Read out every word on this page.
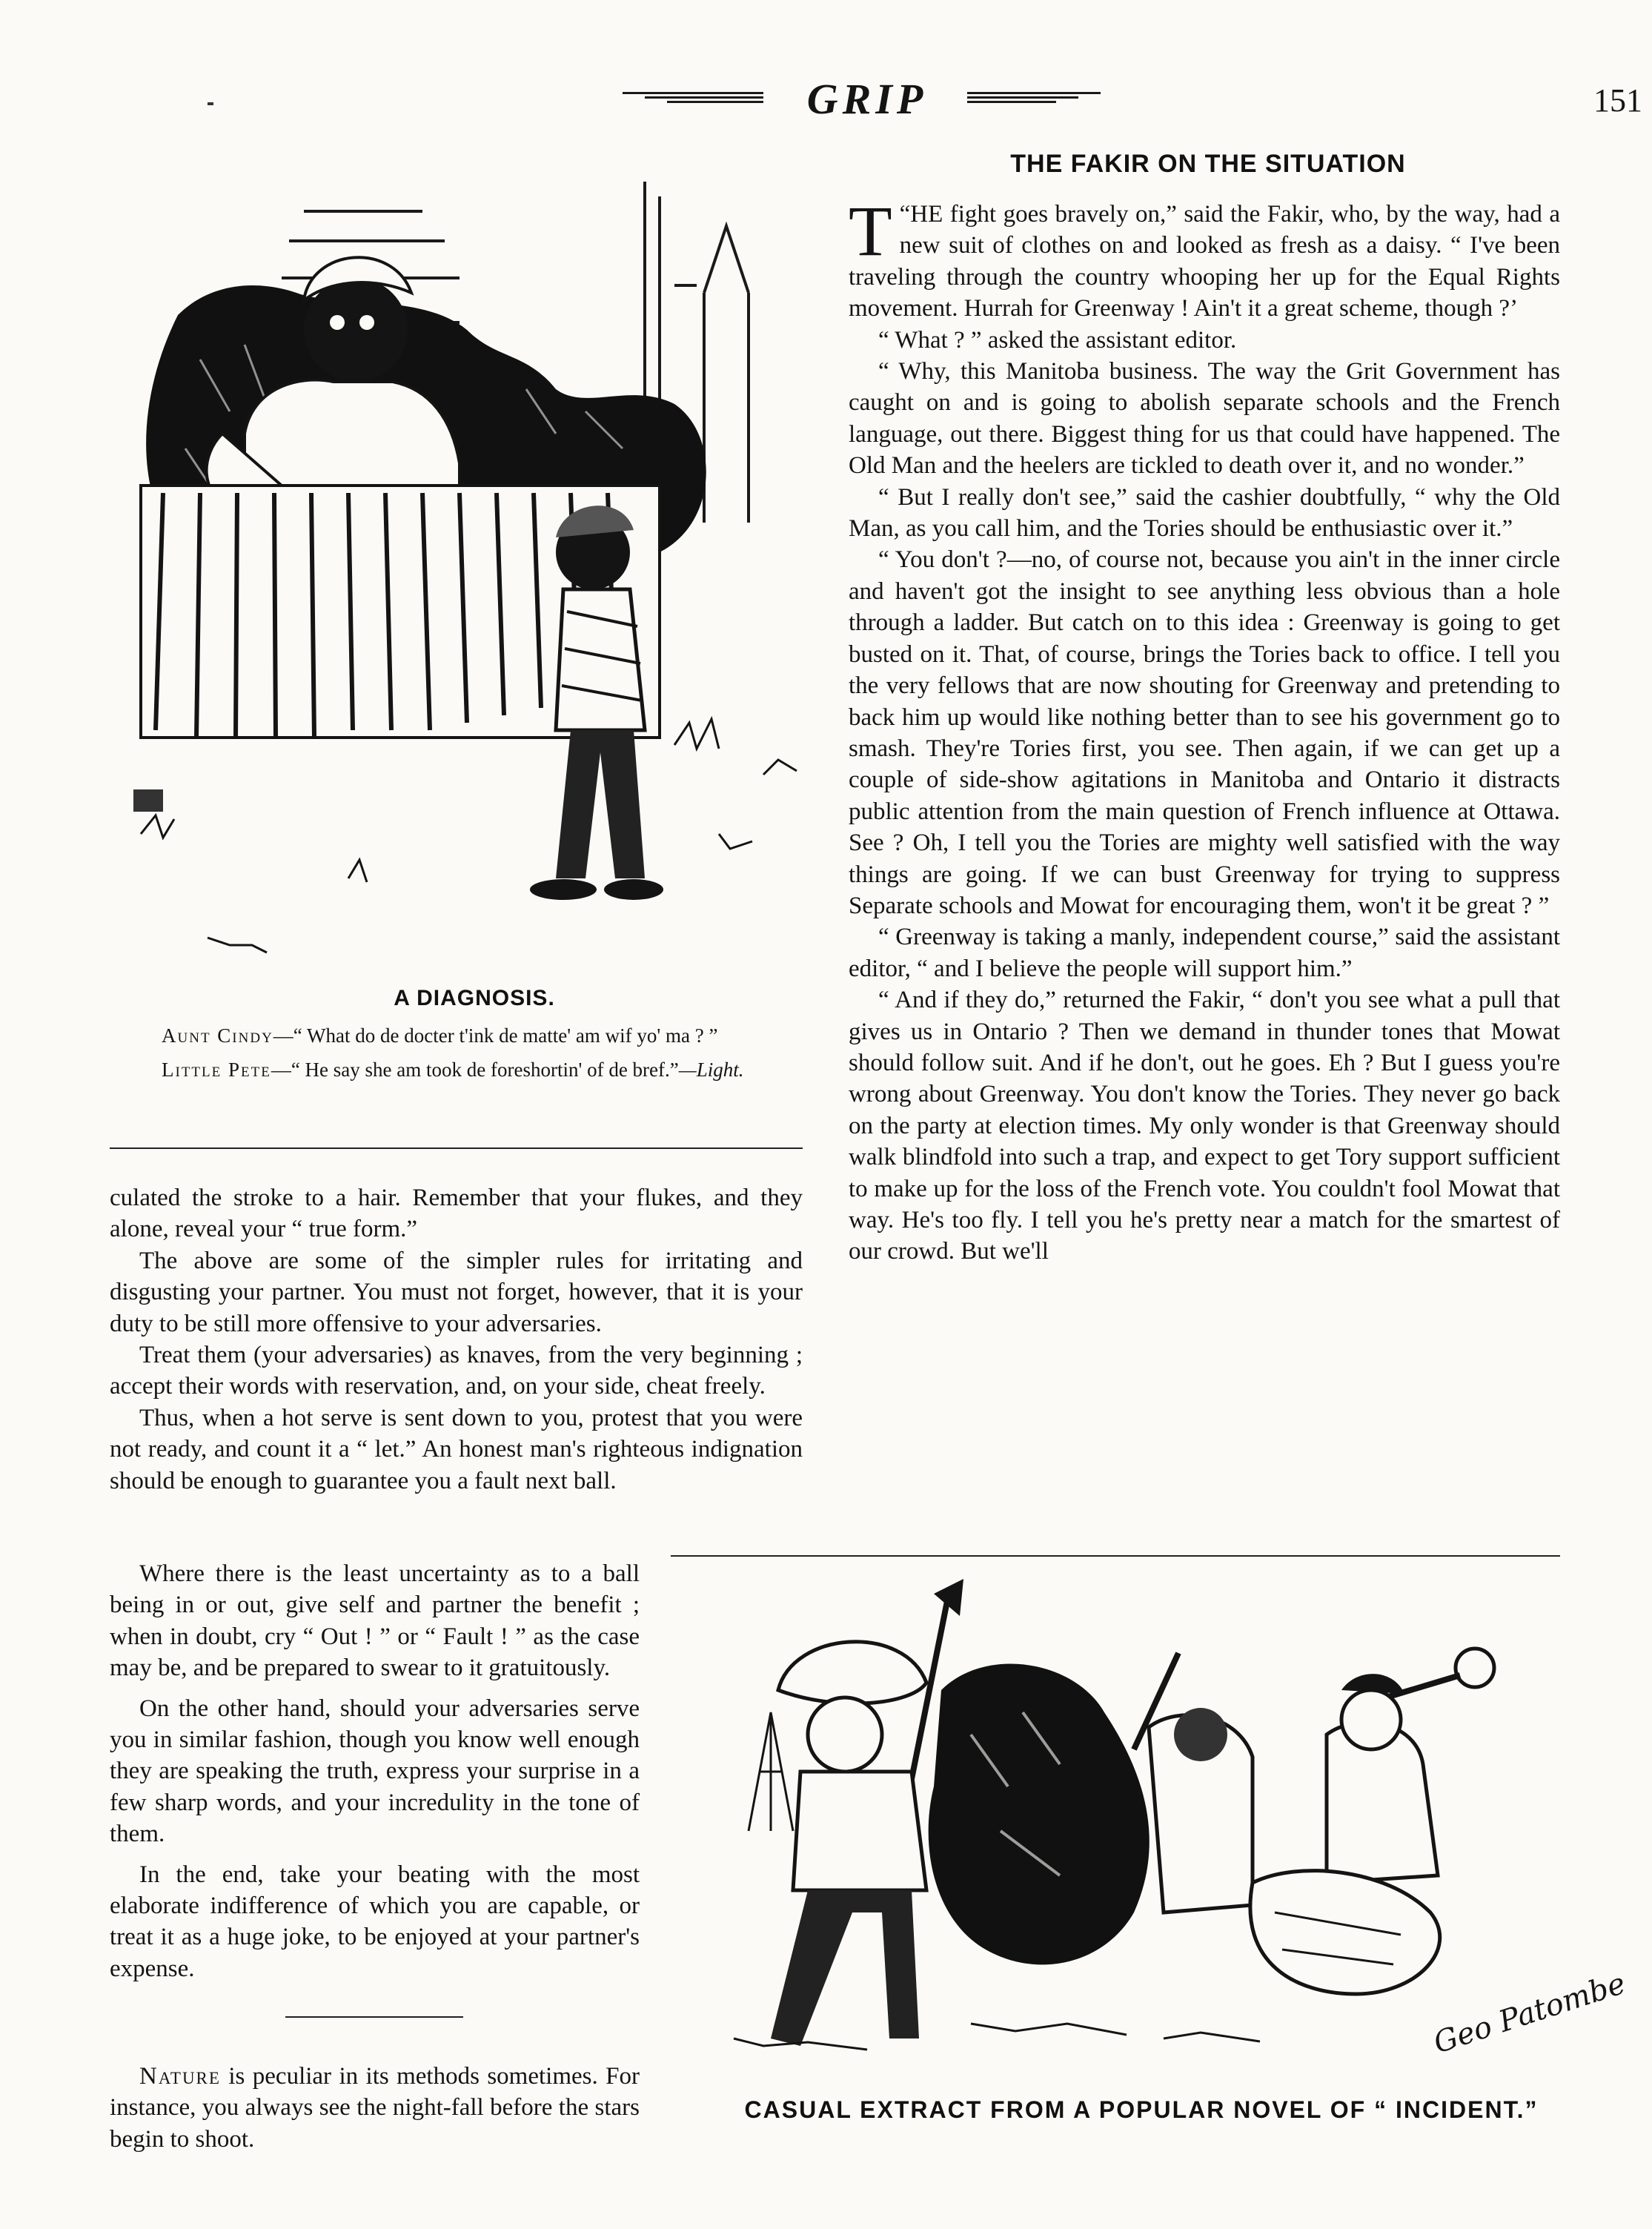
GRIP	151
A DIAGNOSIS.

Aunt Cindy—“ What do de docter t'ink de matte' am wif yo' ma ? ”

Little Pete—“ He say she am took de foreshortin' of de bref.”—Light.

THE FAKIR ON THE SITUATION

“
T HE fight goes bravely on,” said the Fakir, who, by the way, had a new suit of clothes on and looked as fresh as a daisy. “ I've been traveling through the country whooping her up for the Equal Rights movement. Hurrah for Greenway ! Ain't it a great scheme, though ?’

“ What ? ” asked the assistant editor.

“ Why, this Manitoba business. The way the Grit Government has caught on and is going to abolish separate schools and the French language, out there. Biggest thing for us that could have happened. The Old Man and the heelers are tickled to death over it, and no wonder.”

“ But I really don't see,” said the cashier doubtfully, “ why the Old Man, as you call him, and the Tories should be enthusiastic over it.”

“ You don't ?—no, of course not, because you ain't in the inner circle and haven't got the insight to see anything less obvious than a hole through a ladder. But catch on to this idea : Greenway is going to get busted on it. That, of course, brings the Tories back to office. I tell you the very fellows that are now shouting for Greenway and pretending to back him up would like nothing better than to see his government go to smash. They're Tories first, you see. Then again, if we can get up a couple of side-show agitations in Manitoba and Ontario it distracts public attention from the main question of French influence at Ottawa. See ? Oh, I tell you the Tories are mighty well satisfied with the way things are going. If we can bust Greenway for trying to suppress Separate schools and Mowat for encouraging them, won't it be great ? ”

“ Greenway is taking a manly, independent course,” said the assistant editor, “ and I believe the people will support him.”

“ And if they do,” returned the Fakir, “ don't you see what a pull that gives us in Ontario ? Then we demand in thunder tones that Mowat should follow suit. And if he don't, out he goes. Eh ? But I guess you're wrong about Greenway. You don't know the Tories. They never go back on the party at election times. My only wonder is that Greenway should walk blindfold into such a trap, and expect to get Tory support sufficient to make up for the loss of the French vote. You couldn't fool Mowat that way. He's too fly. I tell you he's pretty near a match for the smartest of our crowd. But we'll

culated the stroke to a hair. Remember that your flukes, and they alone, reveal your “ true form.”

The above are some of the simpler rules for irritating and disgusting your partner. You must not forget, however, that it is your duty to be still more offensive to your adversaries.

Treat them (your adversaries) as knaves, from the very beginning ; accept their words with reservation, and, on your side, cheat freely.

Thus, when a hot serve is sent down to you, protest that you were not ready, and count it a “ let.” An honest man's righteous indignation should be enough to guarantee you a fault next ball.

Where there is the least uncertainty as to a ball being in or out, give self and partner the benefit ; when in doubt, cry “ Out ! ” or “ Fault ! ” as the case may be, and be prepared to swear to it gratuitously.

On the other hand, should your adversaries serve you in similar fashion, though you know well enough they are speaking the truth, express your surprise in a few sharp words, and your incredulity in the tone of them.

In the end, take your beating with the most elaborate indifference of which you are capable, or treat it as a huge joke, to be enjoyed at your partner's expense.

Nature is peculiar in its methods sometimes. For instance, you always see the night-fall before the stars begin to shoot.

Geo Patombe
CASUAL EXTRACT FROM A POPULAR NOVEL OF “ INCIDENT.”
